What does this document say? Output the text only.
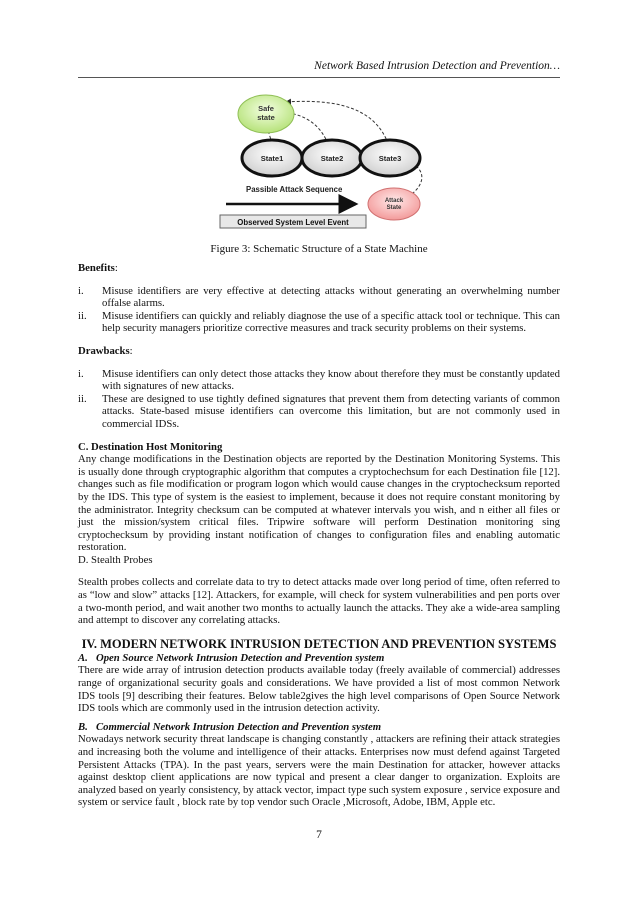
Network Based Intrusion Detection and Prevention…
Safe
state
State1	State2	State3
Passible Attack Sequence
Attack
State
Observed System Level Event
Figure 3: Schematic Structure of a State Machine

Benefits:

i. Misuse identifiers are very effective at detecting attacks without generating an overwhelming number offalse alarms.
ii. Misuse identifiers can quickly and reliably diagnose the use of a specific attack tool or technique. This can help security managers prioritize corrective measures and track security problems on their systems.

Drawbacks:

i. Misuse identifiers can only detect those attacks they know about therefore they must be constantly updated with signatures of new attacks.
ii. These are designed to use tightly defined signatures that prevent them from detecting variants of common attacks. State-based misuse identifiers can overcome this limitation, but are not commonly used in commercial IDSs.

C. Destination Host Monitoring

Any change modifications in the Destination objects are reported by the Destination Monitoring Systems. This is usually done through cryptographic algorithm that computes a cryptochechsum for each Destination file [12]. changes such as file modification or program logon which would cause changes in the cryptochecksum reported by the IDS. This type of system is the easiest to implement, because it does not require constant monitoring by the administrator. Integrity checksum can be computed at whatever intervals you wish, and n either all files or just the mission/system critical files. Tripwire software will perform Destination monitoring sing cryptochecksum by providing instant notification of changes to configuration files and enabling automatic restoration.

D. Stealth Probes

Stealth probes collects and correlate data to try to detect attacks made over long period of time, often referred to as “low and slow” attacks [12]. Attackers, for example, will check for system vulnerabilities and pen ports over a two-month period, and wait another two months to actually launch the attacks. They ake a wide-area sampling and attempt to discover any correlating attacks.

IV. MODERN NETWORK INTRUSION DETECTION AND PREVENTION SYSTEMS

A. Open Source Network Intrusion Detection and Prevention system

There are wide array of intrusion detection products available today (freely available of commercial) addresses range of organizational security goals and considerations. We have provided a list of most common Network IDS tools [9] describing their features. Below table2gives the high level comparisons of Open Source Network IDS tools which are commonly used in the intrusion detection activity.

B. Commercial Network Intrusion Detection and Prevention system

Nowadays network security threat landscape is changing constantly , attackers are refining their attack strategies and increasing both the volume and intelligence of their attacks. Enterprises now must defend against Targeted Persistent Attacks (TPA). In the past years, servers were the main Destination for attacker, however attacks against desktop client applications are now typical and present a clear danger to organization. Exploits are analyzed based on yearly consistency, by attack vector, impact type such system exposure , service exposure and system or service fault , block rate by top vendor such Oracle ,Microsoft, Adobe, IBM, Apple etc.

7
